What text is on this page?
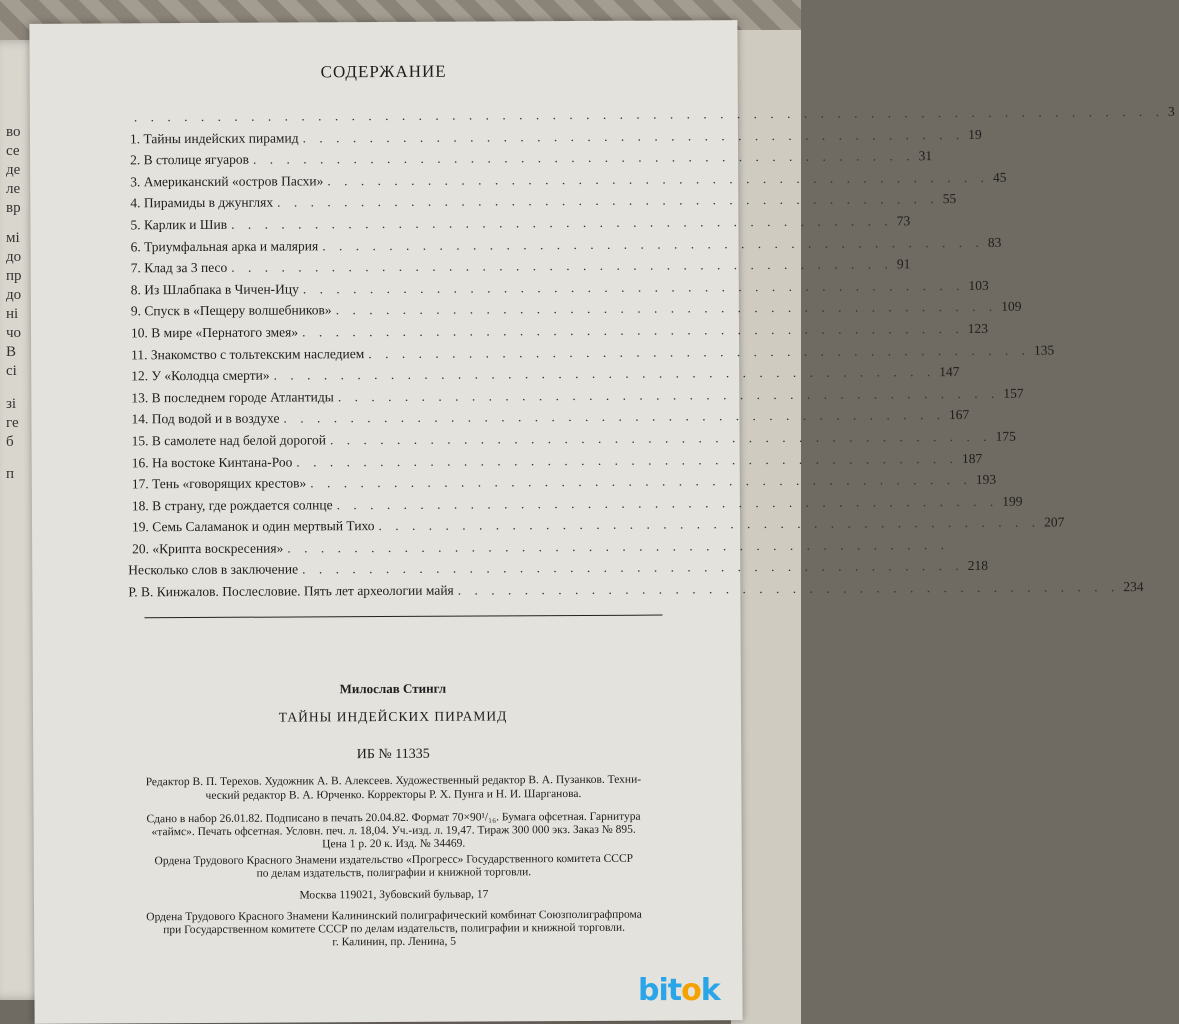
во
се
де
ле
вр
мі
до
пр
до
ні
чо
В
сі
зі
ге
б
п
СОДЕРЖАНИЕ
. . . . . . . . . . . . . . . . . . . . . . . . . . . . . . . . . . . . . . . . . . . . . . . . . . . . . . . . . . . . . . 3
1.
Тайны индейских пирамид . . . . . . . . . . . . . . . . . . . . . . . . . . . . . . . . . . . . . . . . 19
2.
В столице ягуаров . . . . . . . . . . . . . . . . . . . . . . . . . . . . . . . . . . . . . . . . 31
3.
Американский «остров Пасхи» . . . . . . . . . . . . . . . . . . . . . . . . . . . . . . . . . . . . . . . . 45
4.
Пирамиды в джунглях . . . . . . . . . . . . . . . . . . . . . . . . . . . . . . . . . . . . . . . . 55
5.
Карлик и Шив . . . . . . . . . . . . . . . . . . . . . . . . . . . . . . . . . . . . . . . . 73
6.
Триумфальная арка и малярия . . . . . . . . . . . . . . . . . . . . . . . . . . . . . . . . . . . . . . . . 83
7.
Клад за 3 песо . . . . . . . . . . . . . . . . . . . . . . . . . . . . . . . . . . . . . . . . 91
8.
Из Шлабпака в Чичен-Ицу . . . . . . . . . . . . . . . . . . . . . . . . . . . . . . . . . . . . . . . . 103
9.
Спуск в «Пещеру волшебников» . . . . . . . . . . . . . . . . . . . . . . . . . . . . . . . . . . . . . . . . 109
10.
В мире «Пернатого змея» . . . . . . . . . . . . . . . . . . . . . . . . . . . . . . . . . . . . . . . . 123
11.
Знакомство с тольтекским наследием . . . . . . . . . . . . . . . . . . . . . . . . . . . . . . . . . . . . . . . . 135
12.
У «Колодца смерти» . . . . . . . . . . . . . . . . . . . . . . . . . . . . . . . . . . . . . . . . 147
13.
В последнем городе Атлантиды . . . . . . . . . . . . . . . . . . . . . . . . . . . . . . . . . . . . . . . . 157
14.
Под водой и в воздухе . . . . . . . . . . . . . . . . . . . . . . . . . . . . . . . . . . . . . . . . 167
15.
В самолете над белой дорогой . . . . . . . . . . . . . . . . . . . . . . . . . . . . . . . . . . . . . . . . 175
16.
На востоке Кинтана-Роо . . . . . . . . . . . . . . . . . . . . . . . . . . . . . . . . . . . . . . . . 187
17.
Тень «говорящих крестов» . . . . . . . . . . . . . . . . . . . . . . . . . . . . . . . . . . . . . . . . 193
18.
В страну, где рождается солнце . . . . . . . . . . . . . . . . . . . . . . . . . . . . . . . . . . . . . . . . 199
19.
Семь Саламанок и один мертвый Тихо . . . . . . . . . . . . . . . . . . . . . . . . . . . . . . . . . . . . . . . . 207
20.
«Крипта воскресения» . . . . . . . . . . . . . . . . . . . . . . . . . . . . . . . . . . . . . . . .
Несколько слов в заключение . . . . . . . . . . . . . . . . . . . . . . . . . . . . . . . . . . . . . . . . 218
Р. В. Кинжалов. Послесловие. Пять лет археологии майя . . . . . . . . . . . . . . . . . . . . . . . . . . . . . . . . . . . . . . . . 234
Милослав Стингл
ТАЙНЫ ИНДЕЙСКИХ ПИРАМИД
ИБ № 11335
Редактор В. П. Терехов. Художник А. В. Алексеев. Художественный редактор В. А. Пузанков. Техни-
ческий редактор В. А. Юрченко. Корректоры Р. Х. Пунга и Н. И. Шарганова.
Сдано в набор 26.01.82. Подписано в печать 20.04.82. Формат 70×90¹/₁₆. Бумага офсетная. Гарнитура
«таймс». Печать офсетная. Условн. печ. л. 18,04. Уч.-изд. л. 19,47. Тираж 300 000 экз. Заказ № 895.
Цена 1 р. 20 к. Изд. № 34469.
Ордена Трудового Красного Знамени издательство «Прогресс» Государственного комитета СССР
по делам издательств, полиграфии и книжной торговли.
Москва 119021, Зубовский бульвар, 17
Ордена Трудового Красного Знамени Калининский полиграфический комбинат Союзполиграфпрома
при Государственном комитете СССР по делам издательств, полиграфии и книжной торговли.
г. Калинин, пр. Ленина, 5
bitok
